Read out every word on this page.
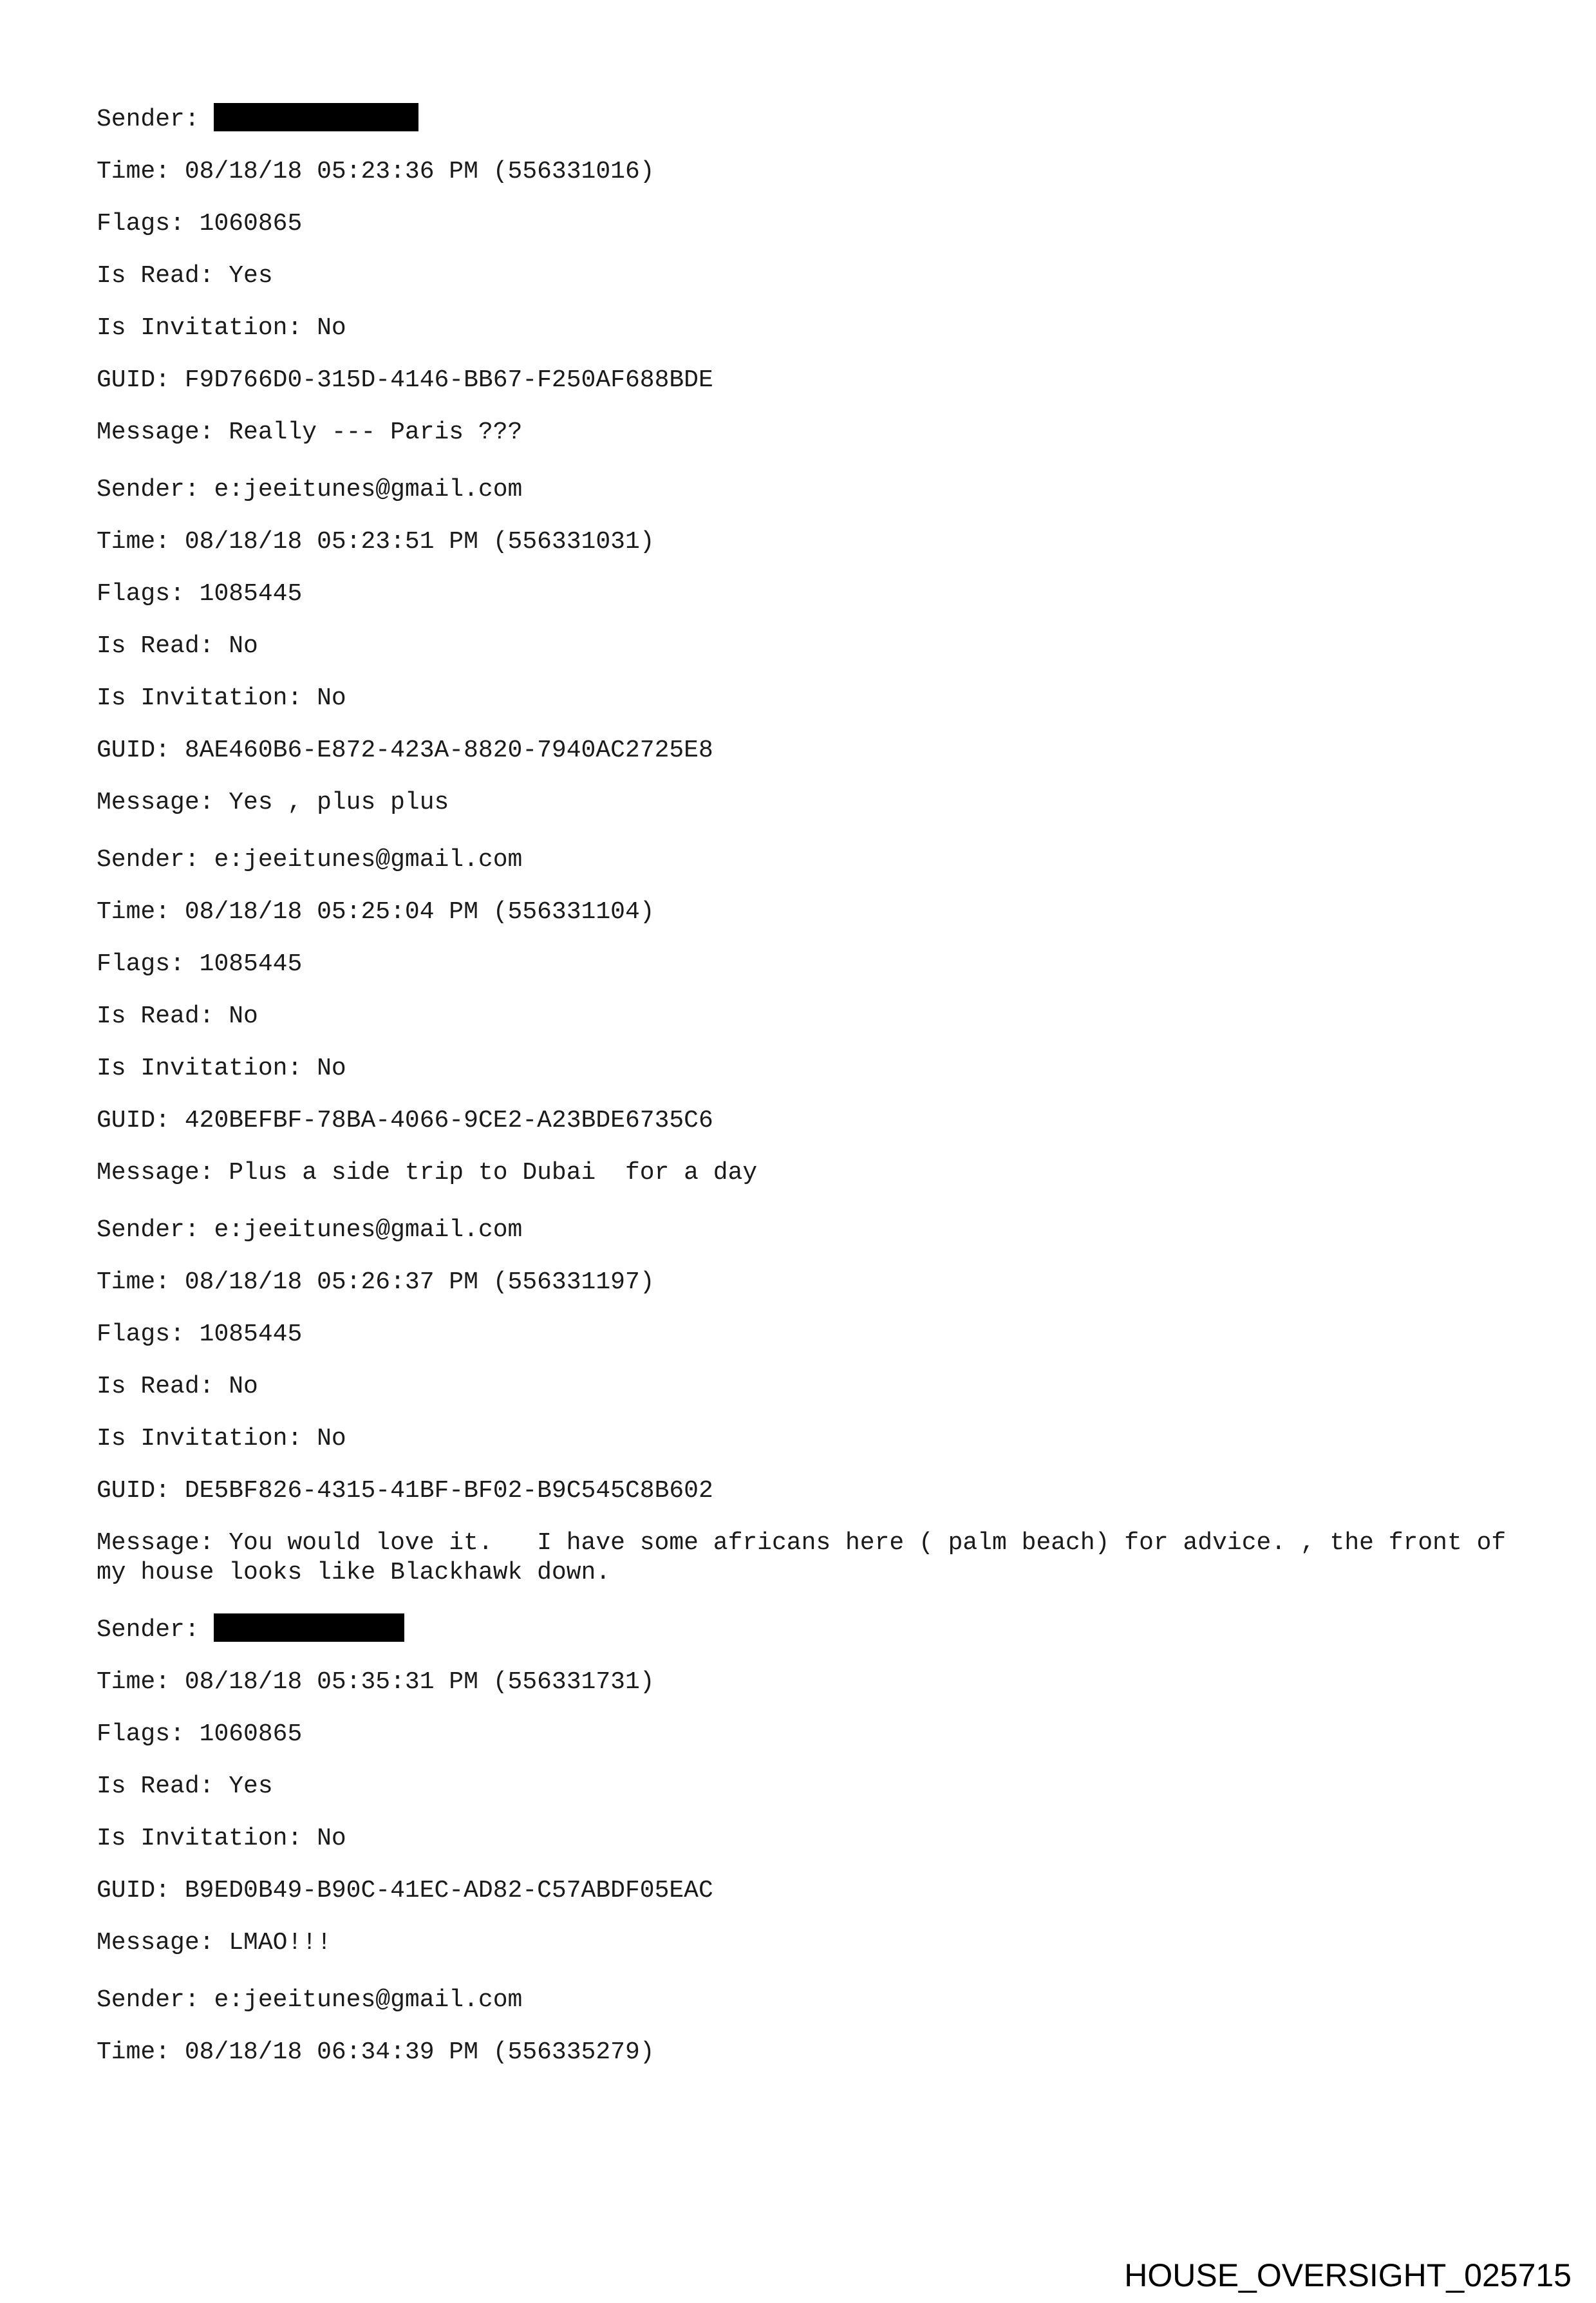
Sender:
Time: 08/18/18 05:23:36 PM (556331016)
Flags: 1060865
Is Read: Yes
Is Invitation: No
GUID: F9D766D0-315D-4146-BB67-F250AF688BDE
Message: Really --- Paris ???
Sender: e:jeeitunes@gmail.com
Time: 08/18/18 05:23:51 PM (556331031)
Flags: 1085445
Is Read: No
Is Invitation: No
GUID: 8AE460B6-E872-423A-8820-7940AC2725E8
Message: Yes , plus plus
Sender: e:jeeitunes@gmail.com
Time: 08/18/18 05:25:04 PM (556331104)
Flags: 1085445
Is Read: No
Is Invitation: No
GUID: 420BEFBF-78BA-4066-9CE2-A23BDE6735C6
Message: Plus a side trip to Dubai  for a day
Sender: e:jeeitunes@gmail.com
Time: 08/18/18 05:26:37 PM (556331197)
Flags: 1085445
Is Read: No
Is Invitation: No
GUID: DE5BF826-4315-41BF-BF02-B9C545C8B602
Message: You would love it.   I have some africans here ( palm beach) for advice. , the front of my house looks like Blackhawk down.
Sender:
Time: 08/18/18 05:35:31 PM (556331731)
Flags: 1060865
Is Read: Yes
Is Invitation: No
GUID: B9ED0B49-B90C-41EC-AD82-C57ABDF05EAC
Message: LMAO!!!
Sender: e:jeeitunes@gmail.com
Time: 08/18/18 06:34:39 PM (556335279)
HOUSE_OVERSIGHT_025715
